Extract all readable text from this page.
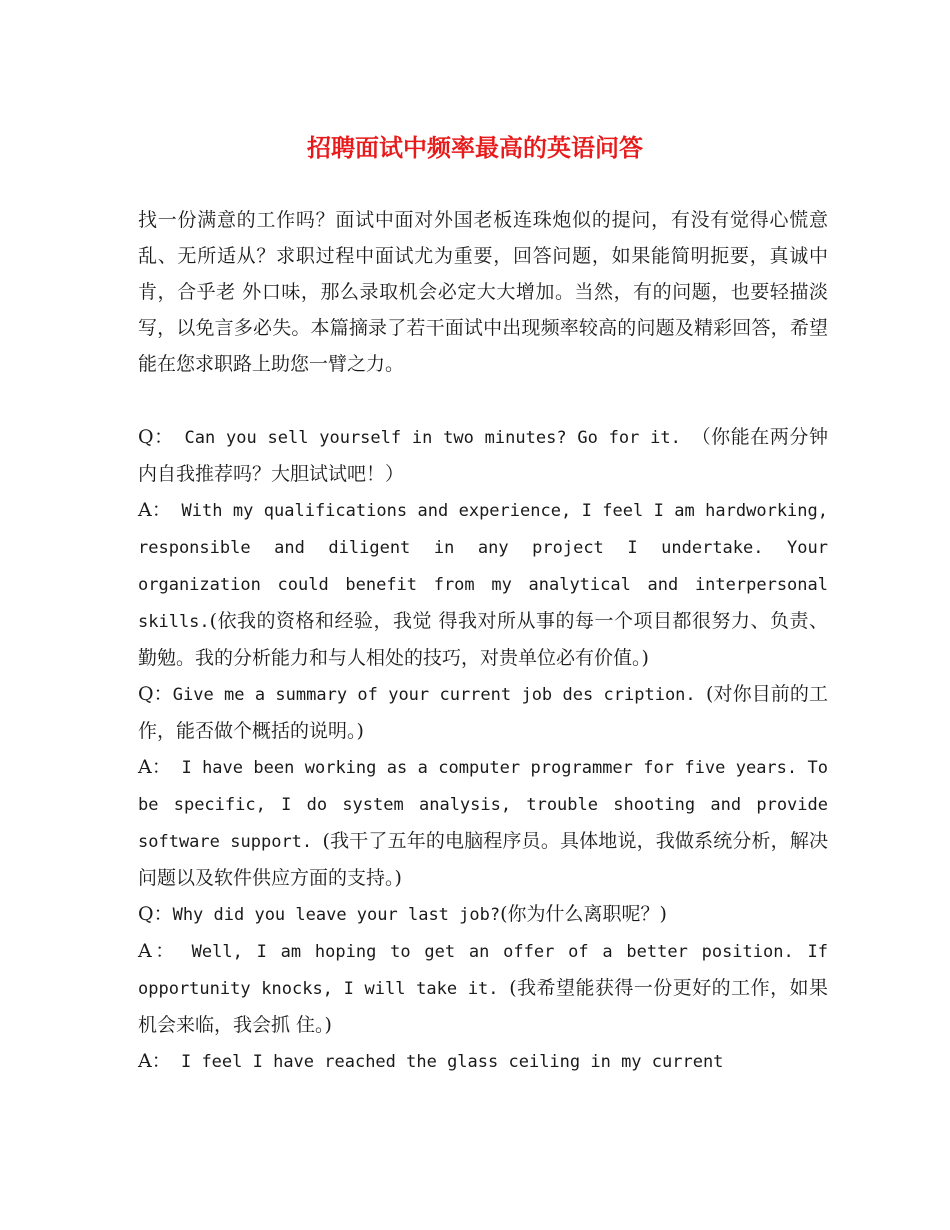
招聘面试中频率最高的英语问答

找一份满意的工作吗？面试中面对外国老板连珠炮似的提问，有没有觉得心慌意乱、无所适从？求职过程中面试尤为重要，回答问题，如果能简明扼要，真诚中肯，合乎老 外口味，那么录取机会必定大大增加。当然，有的问题，也要轻描淡写，以免言多必失。本篇摘录了若干面试中出现频率较高的问题及精彩回答，希望能在您求职路上助您一臂之力。

Q： Can you sell yourself in two minutes? Go for it. （你能在两分钟内自我推荐吗？大胆试试吧！）

A： With my qualifications and experience, I feel I am hardworking, responsible and diligent in any project I undertake. Your organization could benefit from my analytical and interpersonal skills.(依我的资格和经验，我觉 得我对所从事的每一个项目都很努力、负责、勤勉。我的分析能力和与人相处的技巧，对贵单位必有价值。)

Q：Give me a summary of your current job des cription. (对你目前的工作，能否做个概括的说明。)

A： I have been working as a computer programmer for five years. To be specific, I do system analysis, trouble shooting and provide software support. (我干了五年的电脑程序员。具体地说，我做系统分析，解决问题以及软件供应方面的支持。)

Q：Why did you leave your last job?(你为什么离职呢？)

A： Well, I am hoping to get an offer of a better position. If opportunity knocks, I will take it. (我希望能获得一份更好的工作，如果机会来临，我会抓 住。)

A： I feel I have reached the glass ceiling in my current
